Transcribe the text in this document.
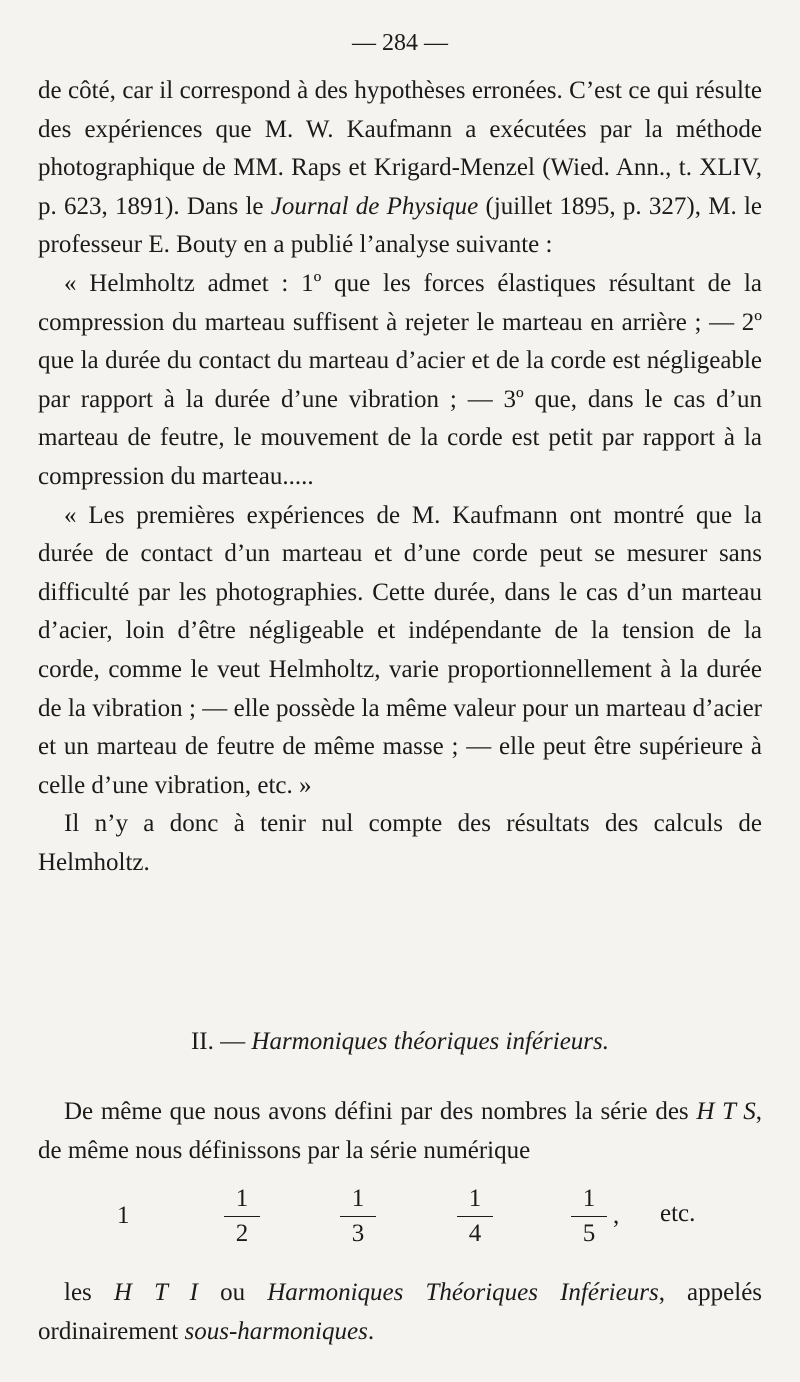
— 284 —

de côté, car il correspond à des hypothèses erronées. C’est ce qui résulte des expériences que M. W. Kaufmann a exécutées par la méthode photographique de MM. Raps et Krigard-Menzel (Wied. Ann., t. XLIV, p. 623, 1891). Dans le Journal de Physique (juillet 1895, p. 327), M. le professeur E. Bouty en a publié l’analyse suivante :

« Helmholtz admet : 1º que les forces élastiques résultant de la compression du marteau suffisent à rejeter le marteau en arrière ; — 2º que la durée du contact du marteau d’acier et de la corde est négligeable par rapport à la durée d’une vibration ; — 3º que, dans le cas d’un marteau de feutre, le mouvement de la corde est petit par rapport à la compression du marteau.....

« Les premières expériences de M. Kaufmann ont montré que la durée de contact d’un marteau et d’une corde peut se mesurer sans difficulté par les photographies. Cette durée, dans le cas d’un marteau d’acier, loin d’être négligeable et indépendante de la tension de la corde, comme le veut Helmholtz, varie proportionnellement à la durée de la vibration ; — elle possède la même valeur pour un marteau d’acier et un marteau de feutre de même masse ; — elle peut être supérieure à celle d’une vibration, etc. »

Il n’y a donc à tenir nul compte des résultats des calculs de Helmholtz.

II. — Harmoniques théoriques inférieurs.
De même que nous avons défini par des nombres la série des H T S, de même nous définissons par la série numérique
1
1
2
1
3
1
4
1
5
, etc.
les H T I ou Harmoniques Théoriques Inférieurs, appelés ordinairement sous-harmoniques.
